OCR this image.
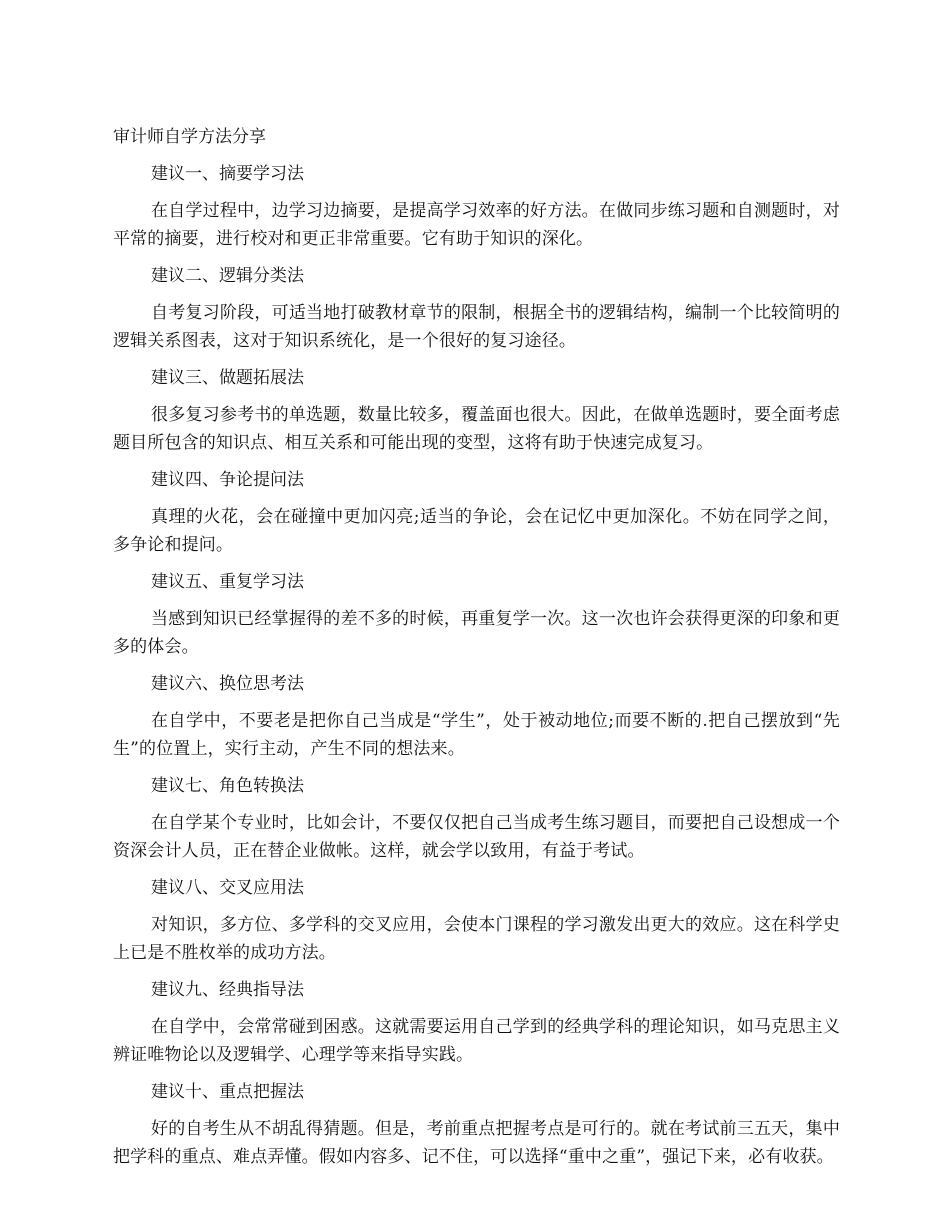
审计师自学方法分享
建议一、摘要学习法

在自学过程中，边学习边摘要，是提高学习效率的好方法。在做同步练习题和自测题时，对平常的摘要，进行校对和更正非常重要。它有助于知识的深化。

建议二、逻辑分类法

自考复习阶段，可适当地打破教材章节的限制，根据全书的逻辑结构，编制一个比较简明的逻辑关系图表，这对于知识系统化，是一个很好的复习途径。

建议三、做题拓展法

很多复习参考书的单选题，数量比较多，覆盖面也很大。因此，在做单选题时，要全面考虑题目所包含的知识点、相互关系和可能出现的变型，这将有助于快速完成复习。

建议四、争论提问法

真理的火花，会在碰撞中更加闪亮;适当的争论，会在记忆中更加深化。不妨在同学之间，多争论和提问。

建议五、重复学习法

当感到知识已经掌握得的差不多的时候，再重复学一次。这一次也许会获得更深的印象和更多的体会。

建议六、换位思考法

在自学中，不要老是把你自己当成是“学生”，处于被动地位;而要不断的.把自己摆放到“先生”的位置上，实行主动，产生不同的想法来。

建议七、角色转换法

在自学某个专业时，比如会计，不要仅仅把自己当成考生练习题目，而要把自己设想成一个资深会计人员，正在替企业做帐。这样，就会学以致用，有益于考试。

建议八、交叉应用法

对知识，多方位、多学科的交叉应用，会使本门课程的学习激发出更大的效应。这在科学史上已是不胜枚举的成功方法。

建议九、经典指导法

在自学中，会常常碰到困惑。这就需要运用自己学到的经典学科的理论知识，如马克思主义辨证唯物论以及逻辑学、心理学等来指导实践。

建议十、重点把握法

好的自考生从不胡乱得猜题。但是，考前重点把握考点是可行的。就在考试前三五天，集中把学科的重点、难点弄懂。假如内容多、记不住，可以选择“重中之重”，强记下来，必有收获。
